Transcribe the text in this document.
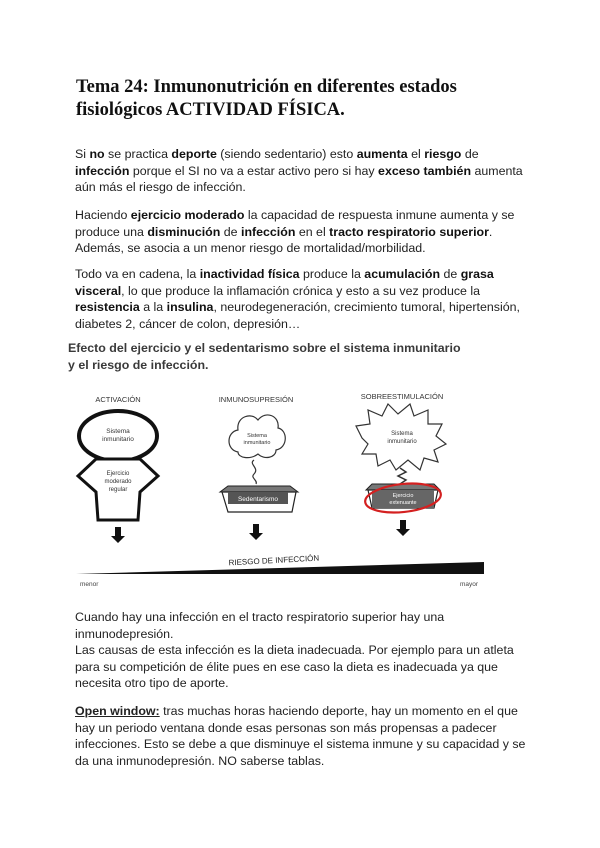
Tema 24: Inmunonutrición en diferentes estados
fisiológicos ACTIVIDAD FÍSICA.

Si no se practica deporte (siendo sedentario) esto aumenta el riesgo de infección porque el SI no va a estar activo pero si hay exceso también aumenta aún más el riesgo de infección.

Haciendo ejercicio moderado la capacidad de respuesta inmune aumenta y se produce una disminución de infección en el tracto respiratorio superior. Además, se asocia a un menor riesgo de mortalidad/morbilidad.

Todo va en cadena, la inactividad física produce la acumulación de grasa visceral, lo que produce la inflamación crónica y esto a su vez produce la resistencia a la insulina, neurodegeneración, crecimiento tumoral, hipertensión, diabetes 2, cáncer de colon, depresión…

Efecto del ejercicio y el sedentarismo sobre el sistema inmunitario
y el riesgo de infección.

ACTIVACIÓN
Sistema
inmunitario
Ejercicio
moderado
regular
INMUNOSUPRESIÓN
Sistema
inmunitario
Sedentarismo
SOBREESTIMULACIÓN
Sistema
inmunitario
Ejercicio
extenuante
RIESGO DE INFECCIÓN
menor	mayor

Cuando hay una infección en el tracto respiratorio superior hay una inmunodepresión.
Las causas de esta infección es la dieta inadecuada. Por ejemplo para un atleta para su competición de élite pues en ese caso la dieta es inadecuada ya que necesita otro tipo de aporte.

Open window: tras muchas horas haciendo deporte, hay un momento en el que hay un periodo ventana donde esas personas son más propensas a padecer infecciones. Esto se debe a que disminuye el sistema inmune y su capacidad y se da una inmunodepresión. NO saberse tablas.
